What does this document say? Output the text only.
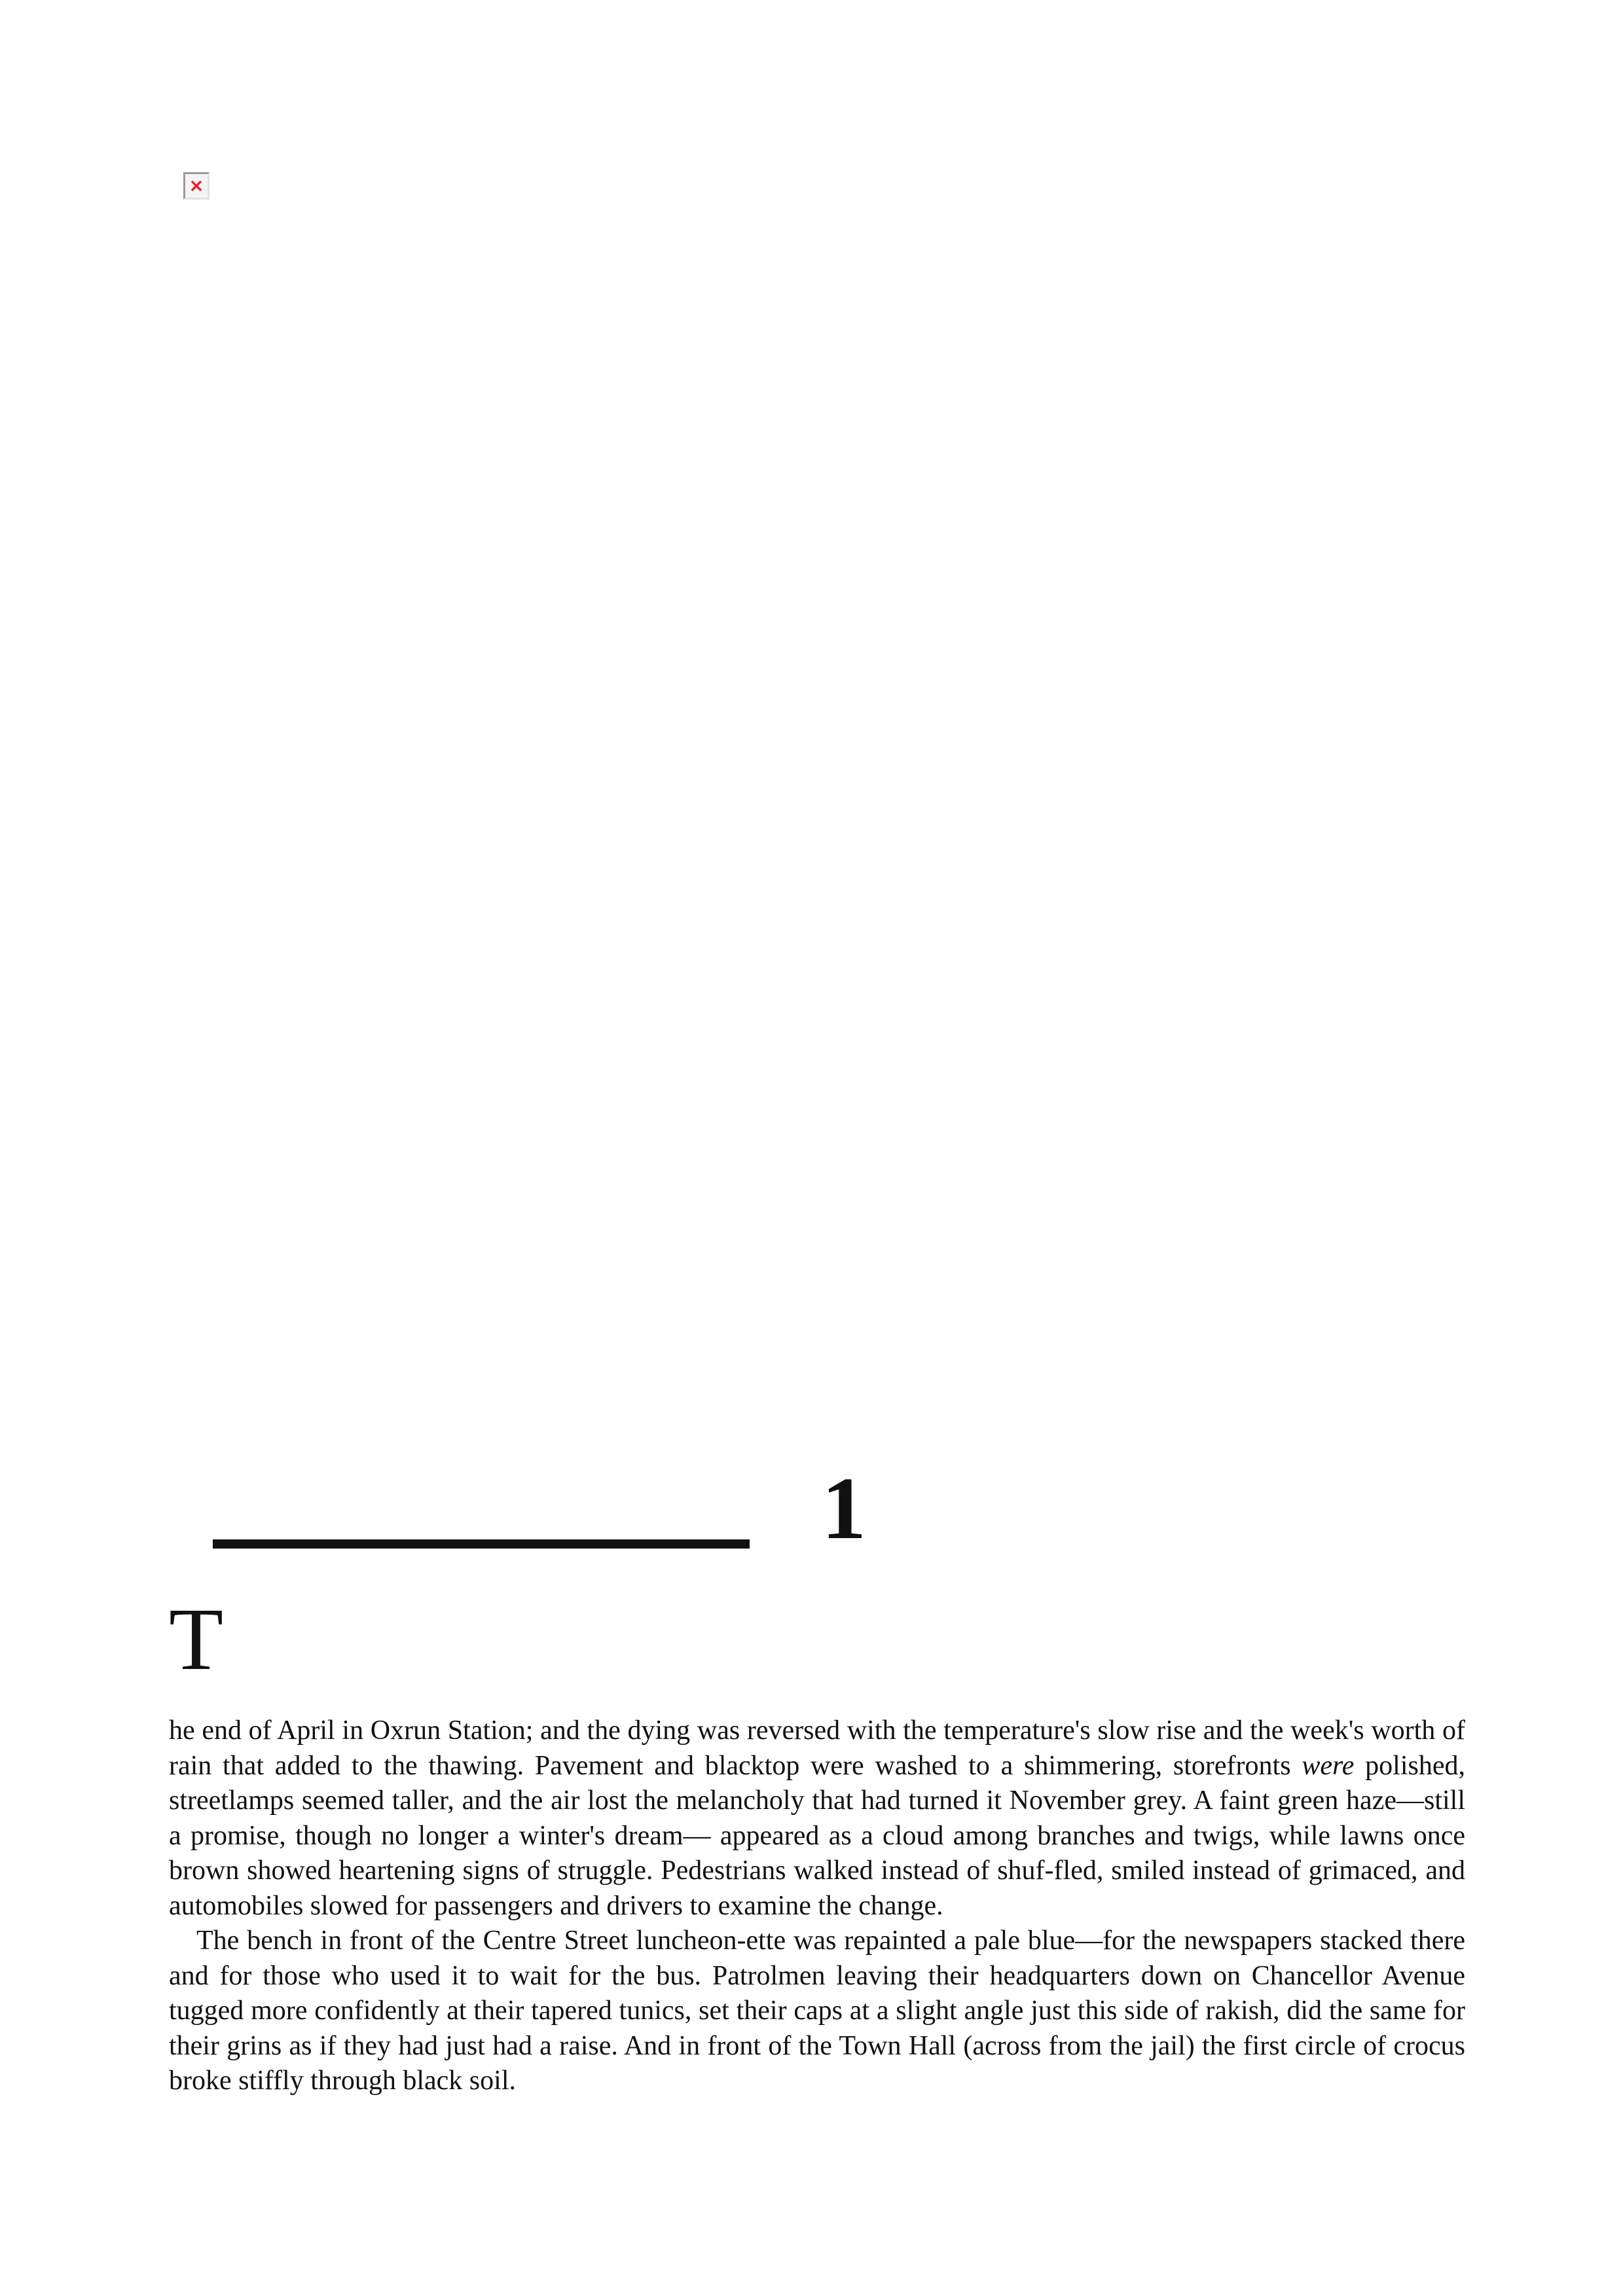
1
T

he end of April in Oxrun Station; and the dying was reversed with the temperature's slow rise and the week's worth of rain that added to the thawing. Pavement and blacktop were washed to a shimmering, storefronts were polished, streetlamps seemed taller, and the air lost the melancholy that had turned it November grey. A faint green haze—still a promise, though no longer a winter's dream— appeared as a cloud among branches and twigs, while lawns once brown showed heartening signs of struggle. Pedestrians walked instead of shuf-fled, smiled instead of grimaced, and automobiles slowed for passengers and drivers to examine the change.

The bench in front of the Centre Street luncheon-ette was repainted a pale blue—for the newspapers stacked there and for those who used it to wait for the bus. Patrolmen leaving their headquarters down on Chancellor Avenue tugged more confidently at their tapered tunics, set their caps at a slight angle just this side of rakish, did the same for their grins as if they had just had a raise. And in front of the Town Hall (across from the jail) the first circle of crocus broke stiffly through black soil.
